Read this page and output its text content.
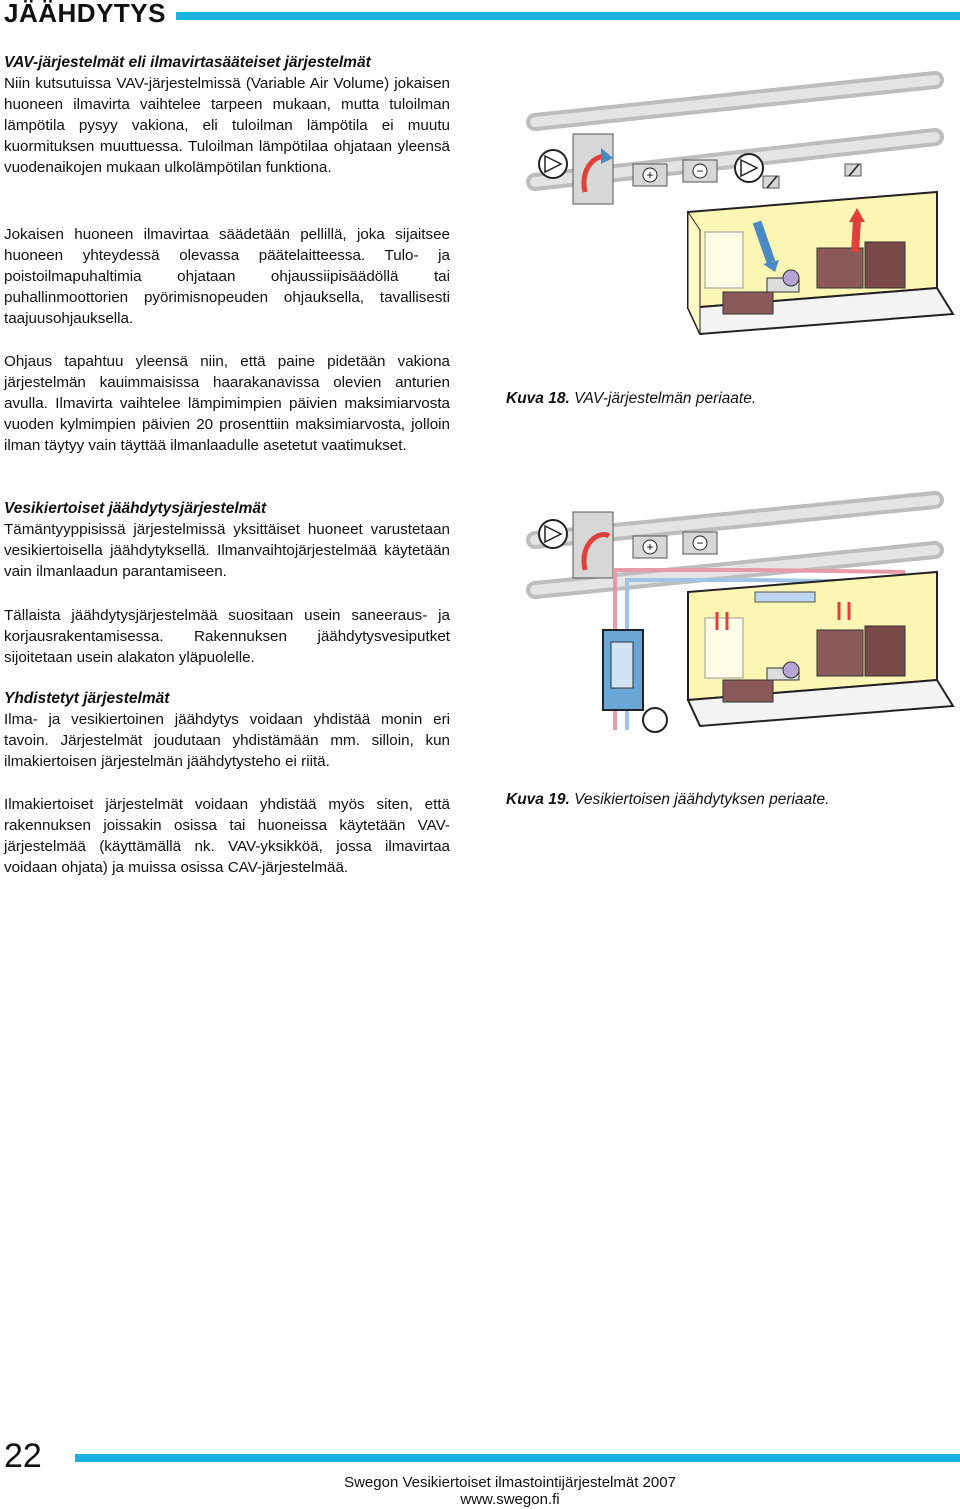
JÄÄHDYTYS

VAV-järjestelmät eli ilmavirtasääteiset järjestelmät

Niin kutsutuissa VAV-järjestelmissä (Variable Air Volume) jokaisen huoneen ilmavirta vaihtelee tarpeen mukaan, mutta tuloilman lämpötila pysyy vakiona, eli tuloilman lämpötila ei muutu kuormituksen muuttuessa. Tuloilman lämpötilaa ohjataan yleensä vuodenaikojen mukaan ulkolämpötilan funktiona.

Jokaisen huoneen ilmavirtaa säädetään pellillä, joka sijaitsee huoneen yhteydessä olevassa päätelaitteessa. Tulo- ja poistoilmapuhaltimia ohjataan ohjaussiipisäädöllä tai puhallinmoottorien pyörimisnopeuden ohjauksella, tavallisesti taajuusohjauksella.

Ohjaus tapahtuu yleensä niin, että paine pidetään vakiona järjestelmän kauimmaisissa haarakanavissa olevien anturien avulla. Ilmavirta vaihtelee lämpimimpien päivien maksimiarvosta vuoden kylmimpien päivien 20 prosenttiin maksimiarvosta, jolloin ilman täytyy vain täyttää ilmanlaadulle asetetut vaatimukset.

Vesikiertoiset jäähdytysjärjestelmät

Tämäntyyppisissä järjestelmissä yksittäiset huoneet varustetaan vesikiertoisella jäähdytyksellä. Ilmanvaihtojärjestelmää käytetään vain ilmanlaadun parantamiseen.

Tällaista jäähdytysjärjestelmää suositaan usein saneeraus- ja korjausrakentamisessa. Rakennuksen jäähdytysvesiputket sijoitetaan usein alakaton yläpuolelle.

Yhdistetyt järjestelmät

Ilma- ja vesikiertoinen jäähdytys voidaan yhdistää monin eri tavoin. Järjestelmät joudutaan yhdistämään mm. silloin, kun ilmakiertoisen järjestelmän jäähdytysteho ei riitä.

Ilmakiertoiset järjestelmät voidaan yhdistää myös siten, että rakennuksen joissakin osissa tai huoneissa käytetään VAV-järjestelmää (käyttämällä nk. VAV-yksikköä, jossa ilmavirtaa voidaan ohjata) ja muissa osissa CAV-järjestelmää.

+	−
Kuva 18. VAV-järjestelmän periaate.
+	−
Kuva 19. Vesikiertoisen jäähdytyksen periaate.
22
Swegon Vesikiertoiset ilmastointijärjestelmät 2007
www.swegon.fi
